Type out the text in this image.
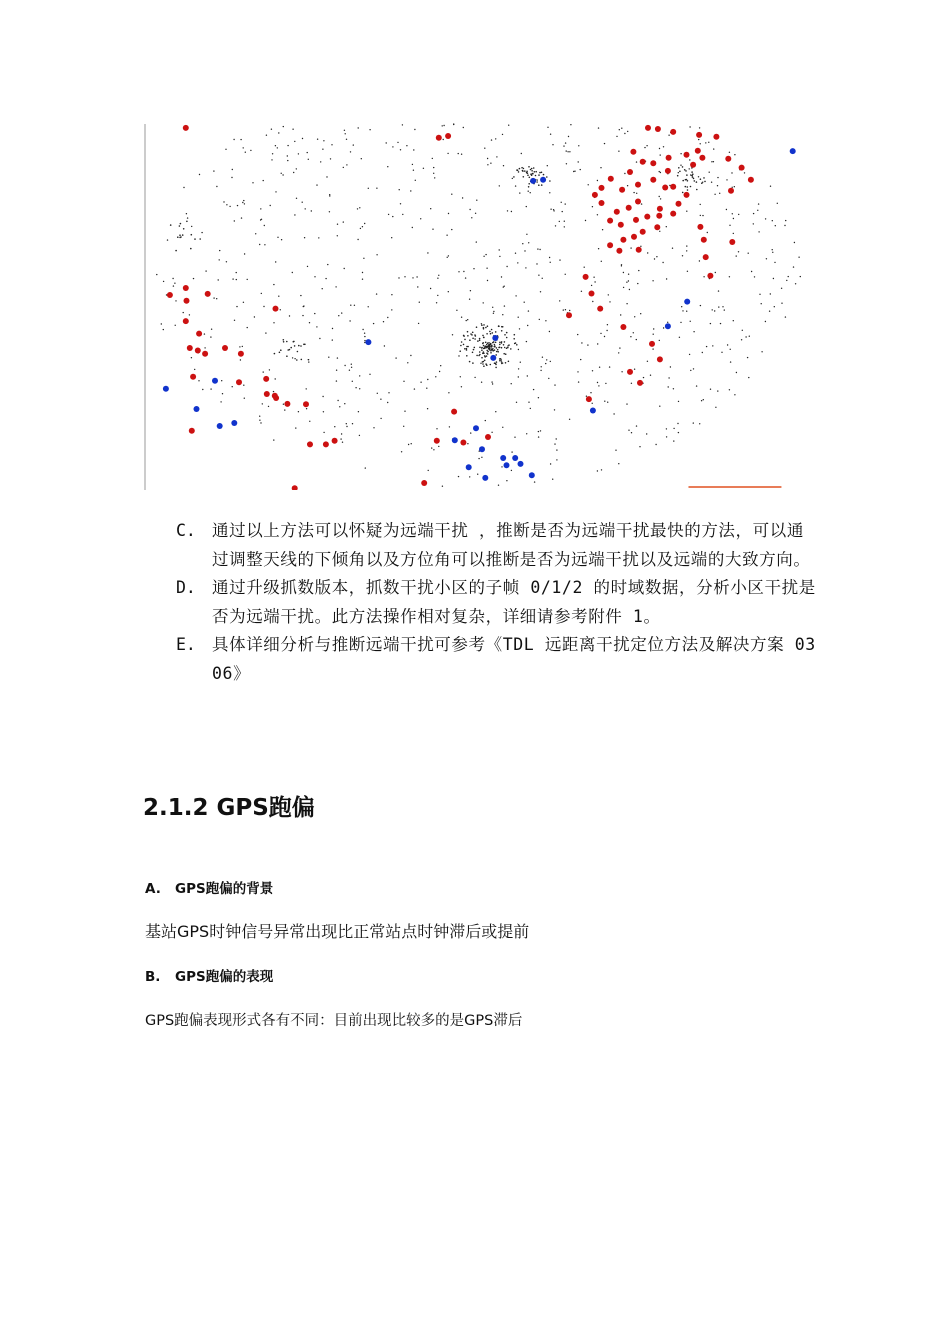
C. 通过以上方法可以怀疑为远端干扰 ，推断是否为远端干扰最快的方法，可以通过调整天线的下倾角以及方位角可以推断是否为远端干扰以及远端的大致方向。
D. 通过升级抓数版本，抓数干扰小区的子帧 0/1/2 的时域数据，分析小区干扰是否为远端干扰。此方法操作相对复杂，详细请参考附件 1。
E. 具体详细分析与推断远端干扰可参考《TDL 远距离干扰定位方法及解决方案 0306》
2.1.2 GPS跑偏
A. GPS跑偏的背景
基站GPS时钟信号异常出现比正常站点时钟滞后或提前
B. GPS跑偏的表现
GPS跑偏表现形式各有不同：目前出现比较多的是GPS滞后
